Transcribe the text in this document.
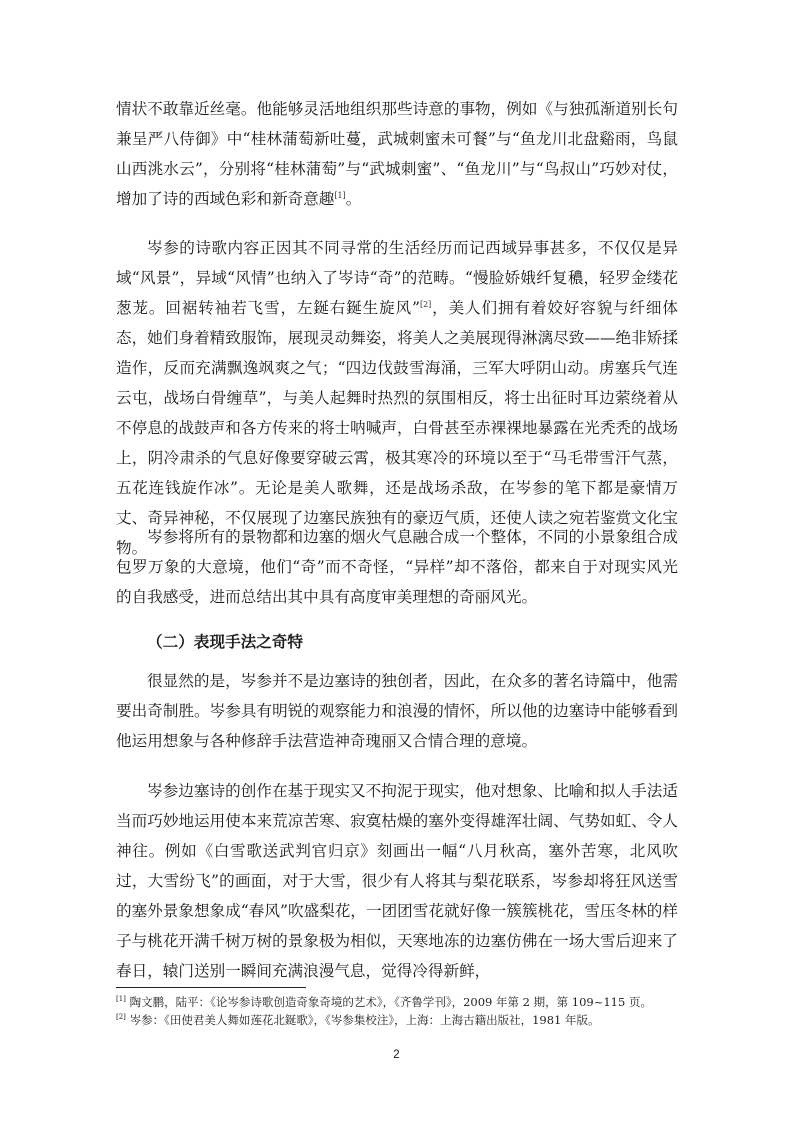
情状不敢靠近丝毫。他能够灵活地组织那些诗意的事物，例如《与独孤渐道别长句兼呈严八侍御》中“桂林蒲萄新吐蔓，武城刺蜜未可餐”与“鱼龙川北盘谿雨，鸟鼠山西洮水云”，分别将“桂林蒲萄”与“武城刺蜜”、“鱼龙川”与“鸟叔山”巧妙对仗，增加了诗的西域色彩和新奇意趣[1]。

岑参的诗歌内容正因其不同寻常的生活经历而记西域异事甚多，不仅仅是异域“风景”，异域“风情”也纳入了岑诗“奇”的范畴。“慢脸娇娥纤复穠，轻罗金缕花葱茏。回裾转袖若飞雪，左鋋右鋋生旋风”[2]，美人们拥有着姣好容貌与纤细体态，她们身着精致服饰，展现灵动舞姿，将美人之美展现得淋漓尽致——绝非矫揉造作，反而充满飘逸飒爽之气；“四边伐鼓雪海涌，三军大呼阴山动。虏塞兵气连云屯，战场白骨缠草”，与美人起舞时热烈的氛围相反，将士出征时耳边萦绕着从不停息的战鼓声和各方传来的将士呐喊声，白骨甚至赤裸裸地暴露在光秃秃的战场上，阴冷肃杀的气息好像要穿破云霄，极其寒冷的环境以至于“马毛带雪汗气蒸，五花连钱旋作冰”。无论是美人歌舞，还是战场杀敌，在岑参的笔下都是豪情万丈、奇异神秘，不仅展现了边塞民族独有的豪迈气质，还使人读之宛若鉴赏文化宝物。

岑参将所有的景物都和边塞的烟火气息融合成一个整体，不同的小景象组合成包罗万象的大意境，他们“奇”而不奇怪，“异样”却不落俗，都来自于对现实风光的自我感受，进而总结出其中具有高度审美理想的奇丽风光。

（二）表现手法之奇特

很显然的是，岑参并不是边塞诗的独创者，因此，在众多的著名诗篇中，他需要出奇制胜。岑参具有明锐的观察能力和浪漫的情怀，所以他的边塞诗中能够看到他运用想象与各种修辞手法营造神奇瑰丽又合情合理的意境。

岑参边塞诗的创作在基于现实又不拘泥于现实，他对想象、比喻和拟人手法适当而巧妙地运用使本来荒凉苦寒、寂寞枯燥的塞外变得雄浑壮阔、气势如虹、令人神往。例如《白雪歌送武判官归京》刻画出一幅“八月秋高，塞外苦寒，北风吹过，大雪纷飞”的画面，对于大雪，很少有人将其与梨花联系，岑参却将狂风送雪的塞外景象想象成“春风”吹盛梨花，一团团雪花就好像一簇簇桃花，雪压冬林的样子与桃花开满千树万树的景象极为相似，天寒地冻的边塞仿佛在一场大雪后迎来了春日，辕门送别一瞬间充满浪漫气息，觉得冷得新鲜，

[1] 陶文鹏，陆平：《论岑参诗歌创造奇象奇境的艺术》，《齐鲁学刊》，2009 年第 2 期，第 109~115 页。

[2] 岑参：《田使君美人舞如莲花北鋋歌》，《岑参集校注》，上海：上海古籍出版社，1981 年版。

2
